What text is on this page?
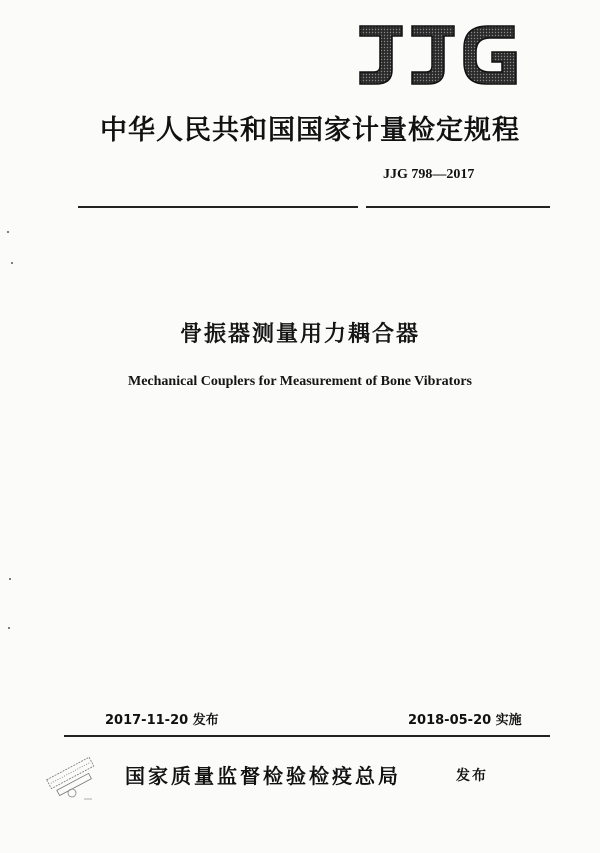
中华人民共和国国家计量检定规程
JJG 798—2017
骨振器测量用力耦合器
Mechanical Couplers for Measurement of Bone Vibrators
2017-11-20 发布	2018-05-20 实施
国家质量监督检验检疫总局	发布
